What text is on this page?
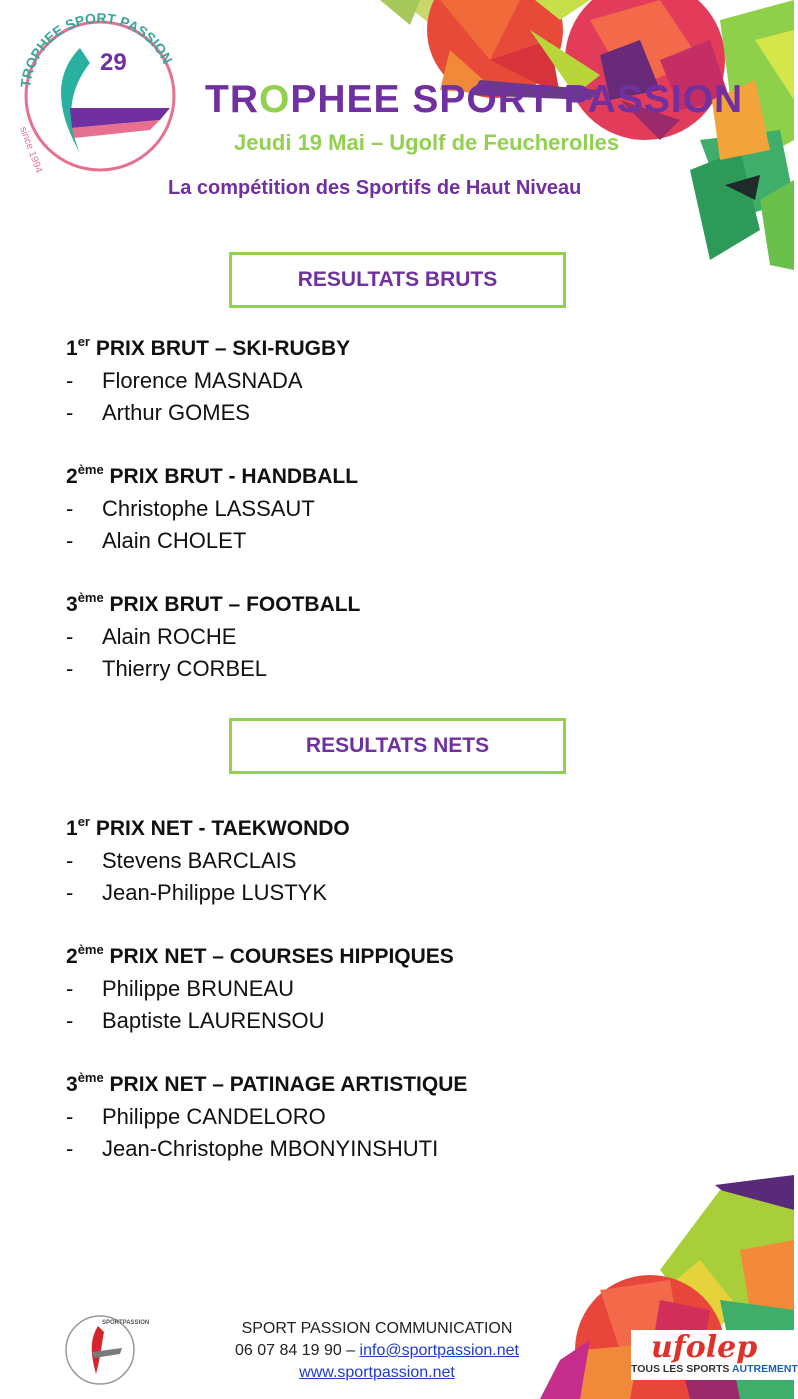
TROPHEE SPORT PASSION
29
since 1994
TROPHEE SPORT PASSION
Jeudi 19 Mai – Ugolf de Feucherolles
La compétition des Sportifs de Haut Niveau
RESULTATS BRUTS
1er PRIX BRUT – SKI-RUGBY
- Florence MASNADA
- Arthur GOMES
2ème PRIX BRUT - HANDBALL
- Christophe LASSAUT
- Alain CHOLET
3ème PRIX BRUT – FOOTBALL
- Alain ROCHE
- Thierry CORBEL
RESULTATS NETS
1er PRIX NET - TAEKWONDO
- Stevens BARCLAIS
- Jean-Philippe LUSTYK
2ème PRIX NET – COURSES HIPPIQUES
- Philippe BRUNEAU
- Baptiste LAURENSOU
3ème PRIX NET – PATINAGE ARTISTIQUE
- Philippe CANDELORO
- Jean-Christophe MBONYINSHUTI
SPORTPASSION	SPORT PASSION COMMUNICATION
06 07 84 19 90 – info@sportpassion.net
www.sportpassion.net
ufolep
TOUS LES SPORTS AUTREMENT
